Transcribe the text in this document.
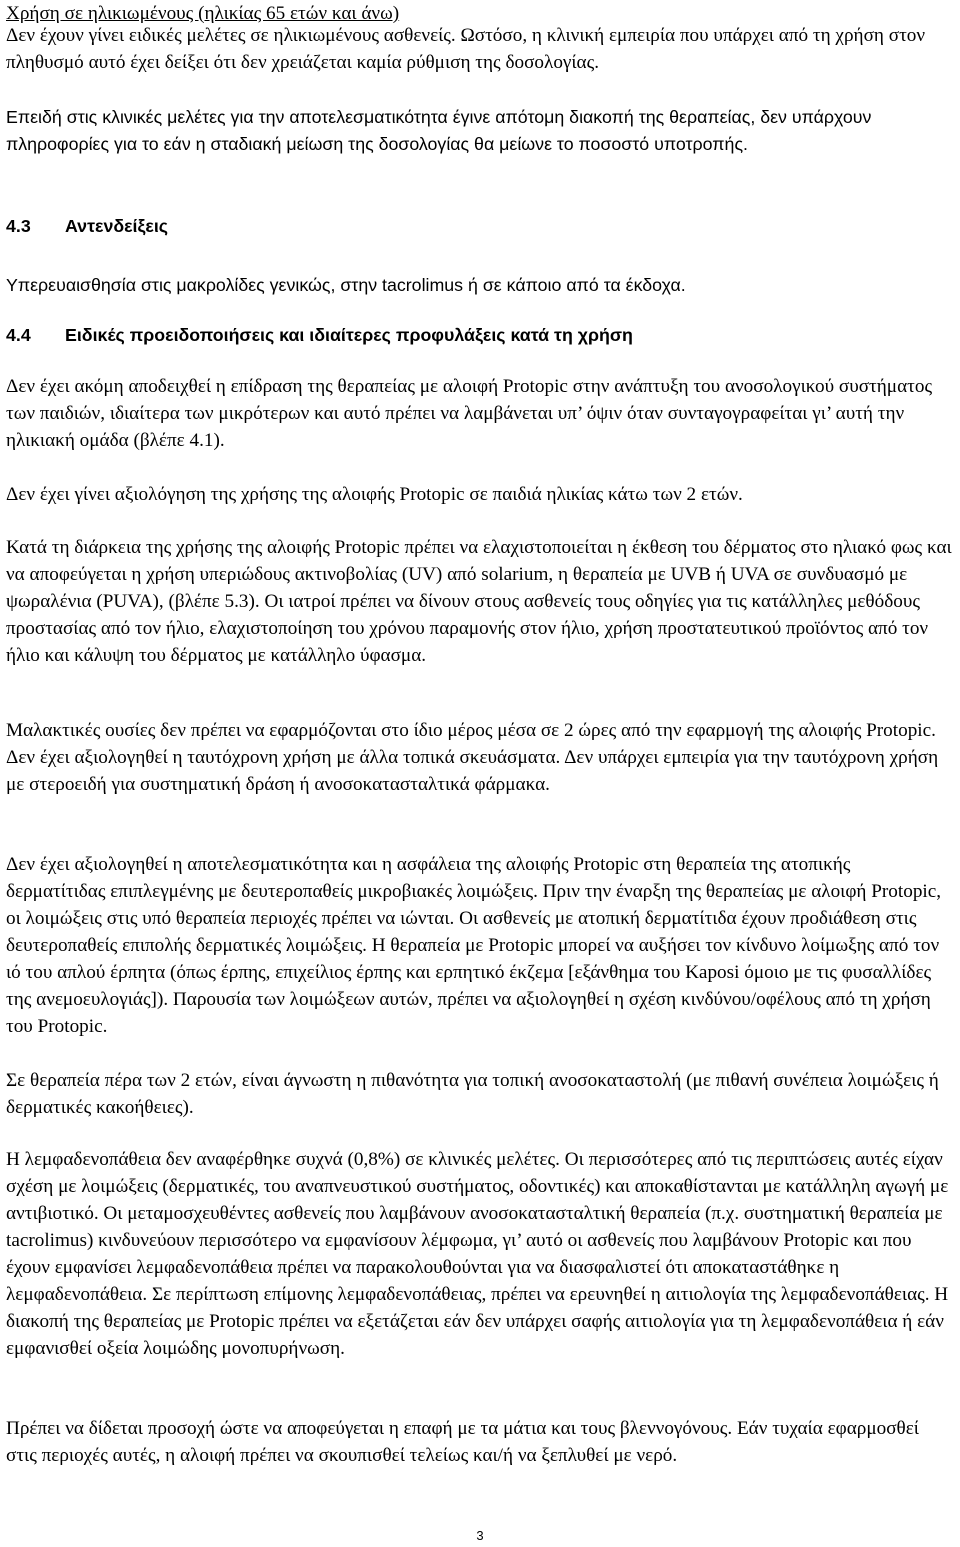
Χρήση σε ηλικιωμένους (ηλικίας 65 ετών και άνω)

Δεν έχουν γίνει ειδικές μελέτες σε ηλικιωμένους ασθενείς. Ωστόσο, η κλινική εμπειρία που υπάρχει από τη χρήση στον πληθυσμό αυτό έχει δείξει ότι δεν χρειάζεται καμία ρύθμιση της δοσολογίας.

Επειδή στις κλινικές μελέτες για την αποτελεσματικότητα έγινε απότομη διακοπή της θεραπείας, δεν υπάρχουν πληροφορίες για το εάν η σταδιακή μείωση της δοσολογίας θα μείωνε το ποσοστό υποτροπής.

4.3	Αντενδείξεις

Υπερευαισθησία στις μακρολίδες γενικώς, στην tacrolimus ή σε κάποιο από τα έκδοχα.

4.4	Ειδικές προειδοποιήσεις και ιδιαίτερες προφυλάξεις κατά τη χρήση

Δεν έχει ακόμη αποδειχθεί η επίδραση της θεραπείας με αλοιφή Protopic στην ανάπτυξη του ανοσολογικού συστήματος των παιδιών, ιδιαίτερα των μικρότερων και αυτό πρέπει να λαμβάνεται υπ’ όψιν όταν συνταγογραφείται γι’ αυτή την ηλικιακή ομάδα (βλέπε 4.1).

Δεν έχει γίνει αξιολόγηση της χρήσης της αλοιφής Protopic σε παιδιά ηλικίας κάτω των 2 ετών.

Κατά τη διάρκεια της χρήσης της αλοιφής Protopic πρέπει να ελαχιστοποιείται η έκθεση του δέρματος στο ηλιακό φως και να αποφεύγεται η χρήση υπεριώδους ακτινοβολίας (UV) από solarium, η θεραπεία με UVB ή UVA σε συνδυασμό με ψωραλένια (PUVA), (βλέπε 5.3). Οι ιατροί πρέπει να δίνουν στους ασθενείς τους οδηγίες για τις κατάλληλες μεθόδους προστασίας από τον ήλιο, ελαχιστοποίηση του χρόνου παραμονής στον ήλιο, χρήση προστατευτικού προϊόντος από τον ήλιο και κάλυψη του δέρματος με κατάλληλο ύφασμα.

Μαλακτικές ουσίες δεν πρέπει να εφαρμόζονται στο ίδιο μέρος μέσα σε 2 ώρες από την εφαρμογή της αλοιφής Protopic. Δεν έχει αξιολογηθεί η ταυτόχρονη χρήση με άλλα τοπικά σκευάσματα. Δεν υπάρχει εμπειρία για την ταυτόχρονη χρήση με στεροειδή για συστηματική δράση ή ανοσοκατασταλτικά φάρμακα.

Δεν έχει αξιολογηθεί η αποτελεσματικότητα και η ασφάλεια της αλοιφής Protopic στη θεραπεία της ατοπικής δερματίτιδας επιπλεγμένης με δευτεροπαθείς μικροβιακές λοιμώξεις. Πριν την έναρξη της θεραπείας με αλοιφή Protopic, οι λοιμώξεις στις υπό θεραπεία περιοχές πρέπει να ιώνται. Οι ασθενείς με ατοπική δερματίτιδα έχουν προδιάθεση στις δευτεροπαθείς επιπολής δερματικές λοιμώξεις. Η θεραπεία με Protopic μπορεί να αυξήσει τον κίνδυνο λοίμωξης από τον ιό του απλού έρπητα (όπως έρπης, επιχείλιος έρπης και ερπητικό έκζεμα [εξάνθημα του Kaposi όμοιο με τις φυσαλλίδες της ανεμοευλογιάς]). Παρουσία των λοιμώξεων αυτών, πρέπει να αξιολογηθεί η σχέση κινδύνου/οφέλους από τη χρήση του Protopic.

Σε θεραπεία πέρα των 2 ετών, είναι άγνωστη η πιθανότητα για τοπική ανοσοκαταστολή (με πιθανή συνέπεια λοιμώξεις ή δερματικές κακοήθειες).

Η λεμφαδενοπάθεια δεν αναφέρθηκε συχνά (0,8%) σε κλινικές μελέτες. Οι περισσότερες από τις περιπτώσεις αυτές είχαν σχέση με λοιμώξεις (δερματικές, του αναπνευστικού συστήματος, οδοντικές) και αποκαθίστανται με κατάλληλη αγωγή με αντιβιοτικό. Οι μεταμοσχευθέντες ασθενείς που λαμβάνουν ανοσοκατασταλτική θεραπεία (π.χ. συστηματική θεραπεία με tacrolimus) κινδυνεύουν περισσότερο να εμφανίσουν λέμφωμα, γι’ αυτό οι ασθενείς που λαμβάνουν Protopic και που έχουν εμφανίσει λεμφαδενοπάθεια πρέπει να παρακολουθούνται για να διασφαλιστεί ότι αποκαταστάθηκε η λεμφαδενοπάθεια. Σε περίπτωση επίμονης λεμφαδενοπάθειας, πρέπει να ερευνηθεί η αιτιολογία της λεμφαδενοπάθειας. Η διακοπή της θεραπείας με Protopic πρέπει να εξετάζεται εάν δεν υπάρχει σαφής αιτιολογία για τη λεμφαδενοπάθεια ή εάν εμφανισθεί οξεία λοιμώδης μονοπυρήνωση.

Πρέπει να δίδεται προσοχή ώστε να αποφεύγεται η επαφή με τα μάτια και τους βλεννογόνους. Εάν τυχαία εφαρμοσθεί στις περιοχές αυτές, η αλοιφή πρέπει να σκουπισθεί τελείως και/ή να ξεπλυθεί με νερό.

3
